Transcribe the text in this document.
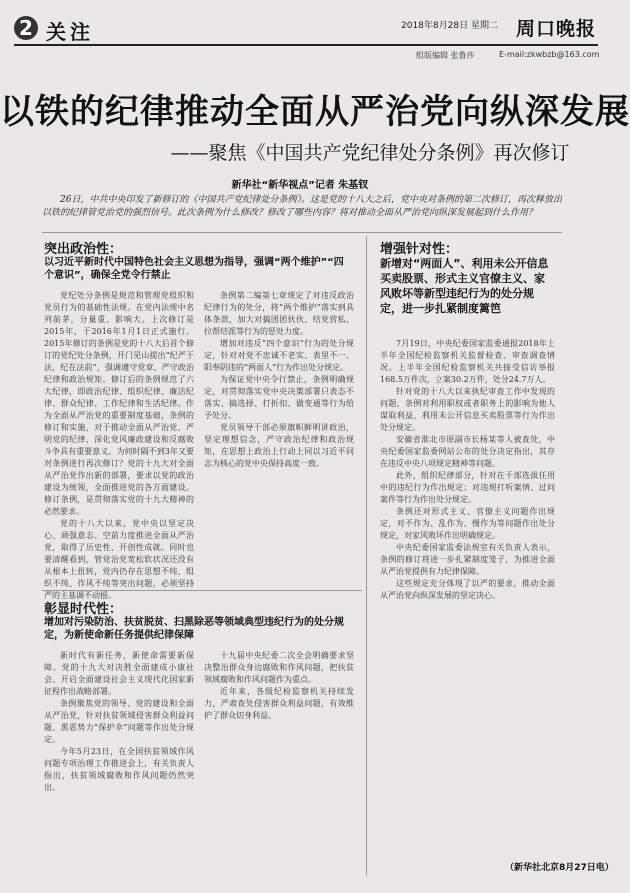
2 关注	2018年8月28日 星期二 周口晚报
组版编辑 张鲁莎	E-mail:zkwbzb@163.com
以铁的纪律推动全面从严治党向纵深发展
——聚焦《中国共产党纪律处分条例》再次修订
新华社“新华视点”记者 朱基钗
26日，中共中央印发了新修订的《中国共产党纪律处分条例》。这是党的十八大之后，党中央对条例的第二次修订，再次释放出以铁的纪律管党治党的强烈信号。此次条例为什么修改？修改了哪些内容？将对推动全面从严治党向纵深发展起到什么作用？
突出政治性：
以习近平新时代中国特色社会主义思想为指导，强调“两个维护”“四个意识”，确保全党令行禁止

党纪处分条例是规范和管理党组织和党员行为的基础性法规。在党内法规中名列前茅，分量重、影响大。上次修订是2015年，于2016年1月1日正式施行。2015年修订的条例是党的十八大后首个修订的党纪处分条例，开门见山提出“纪严于法，纪在法前”，强调遵守党章、严守政治纪律和政治规矩。修订后的条例规范了六大纪律，即政治纪律、组织纪律、廉洁纪律、群众纪律、工作纪律和生活纪律。作为全面从严治党的重要制度基础，条例的修订和实施，对于推动全面从严治党、严明党的纪律、深化党风廉政建设和反腐败斗争具有重要意义。为何时隔不到3年又要对条例进行再次修订？党的十九大对全面从严治党作出新的部署，要求以党的政治建设为统领，全面推进党的各方面建设。修订条例，是贯彻落实党的十九大精神的必然要求。

党的十八大以来，党中央以坚定决心、顽强意志、空前力度推进全面从严治党，取得了历史性、开创性成就。同时也要清醒看到，管党治党宽松软状况还没有从根本上扭转，党内仍存在思想不纯、组织不纯、作风不纯等突出问题，必须坚持严的主基调不动摇。

条例第二编第七章规定了对违反政治纪律行为的处分，将“两个维护”落实到具体条款，加大对搞团团伙伙、结党营私、拉帮结派等行为的惩处力度。

增加对违反“四个意识”行为的处分规定，针对对党不忠诚不老实、表里不一、阳奉阴违的“两面人”行为作出处分规定。

为保证党中央令行禁止，条例明确规定，对贯彻落实党中央决策部署只表态不落实、搞选择、打折扣、做变通等行为给予处分。

党员领导干部必须旗帜鲜明讲政治，坚定理想信念，严守政治纪律和政治规矩，在思想上政治上行动上同以习近平同志为核心的党中央保持高度一致。

彰显时代性：
增加对污染防治、扶贫脱贫、扫黑除恶等领域典型违纪行为的处分规定，为新使命新任务提供纪律保障

新时代有新任务，新使命需要新保障。党的十九大对决胜全面建成小康社会、开启全面建设社会主义现代化国家新征程作出战略部署。

条例聚焦党的领导、党的建设和全面从严治党，针对扶贫领域侵害群众利益问题、黑恶势力“保护伞”问题等作出处分规定。

今年5月23日，在全国扶贫领域作风问题专项治理工作推进会上，有关负责人指出，扶贫领域腐败和作风问题仍然突出。

十九届中央纪委二次全会明确要求坚决整治群众身边腐败和作风问题，把扶贫领域腐败和作风问题作为重点。

近年来，各级纪检监察机关持续发力，严肃查处侵害群众利益问题，有效维护了群众切身利益。

增强针对性：
新增对“两面人”、利用未公开信息买卖股票、形式主义官僚主义、家风败坏等新型违纪行为的处分规定，进一步扎紧制度篱笆

7月19日，中央纪委国家监委通报2018年上半年全国纪检监察机关监督检查、审查调查情况。上半年全国纪检监察机关共接受信访举报168.5万件次，立案30.2万件，处分24.7万人。

针对党的十八大以来执纪审查工作中发现的问题，条例对利用职权或者职务上的影响为他人谋取利益、利用未公开信息买卖股票等行为作出处分规定。

安徽省淮北市原副市长杨某等人被查处，中央纪委国家监委网站公布的处分决定指出，其存在违反中央八项规定精神等问题。

此外，组织纪律部分，针对在干部选拔任用中的违纪行为作出规定；对违规打听案情、过问案件等行为作出处分规定。

条例还对形式主义、官僚主义问题作出规定，对不作为、乱作为、慢作为等问题作出处分规定，对家风败坏作出明确规定。

中央纪委国家监委法规室有关负责人表示，条例的修订将进一步扎紧制度笼子，为推进全面从严治党提供有力纪律保障。

这些规定充分体现了以严的要求，推动全面从严治党向纵深发展的坚定决心。

（新华社北京8月27日电）
